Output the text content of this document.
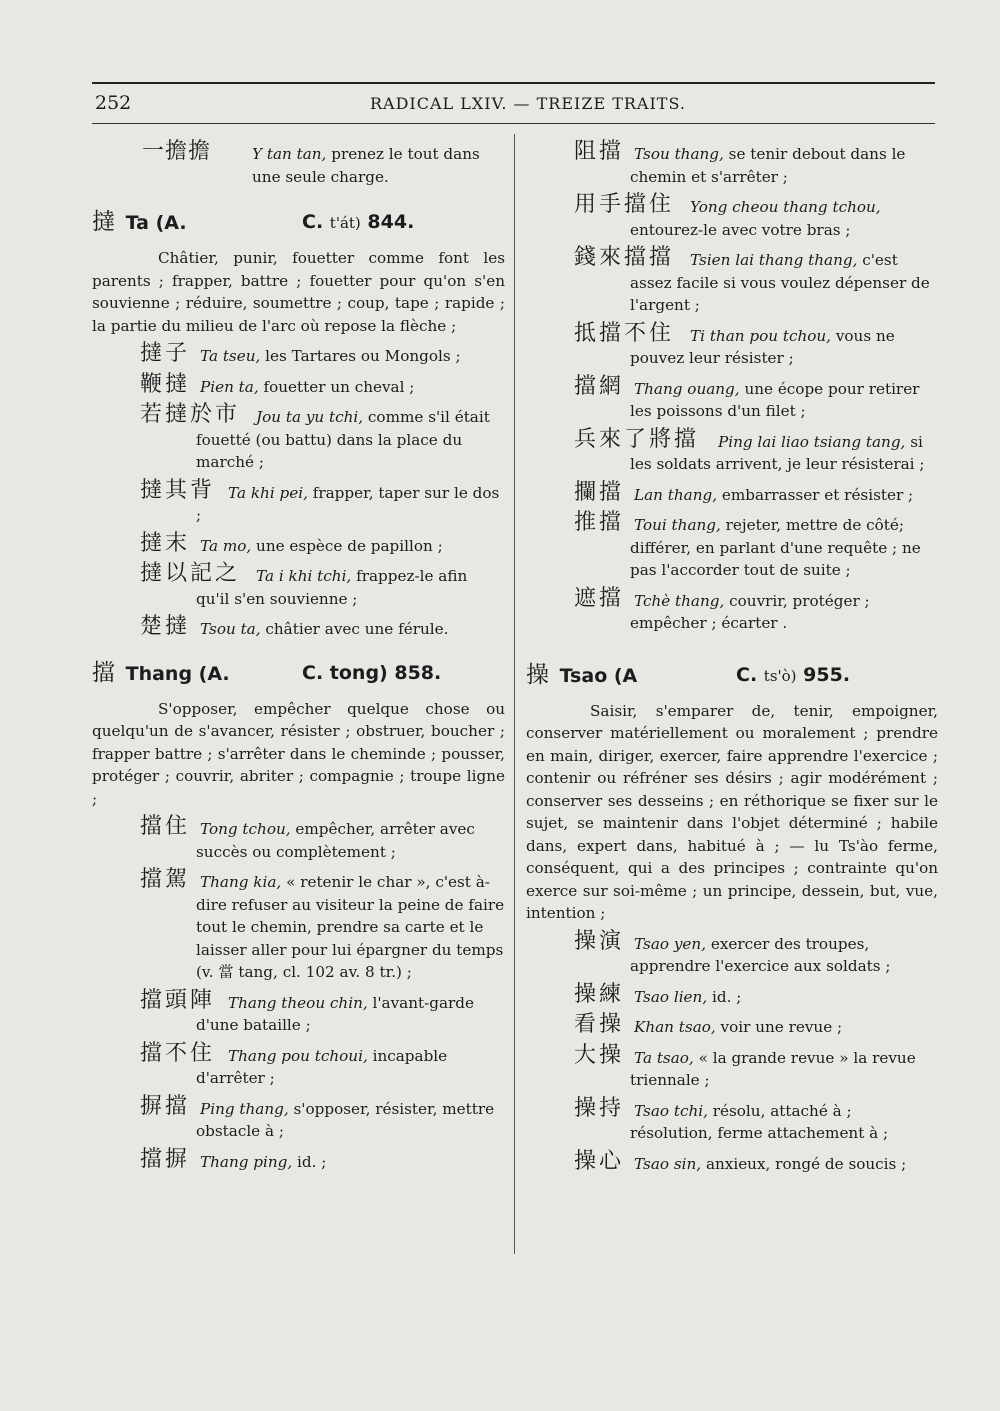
252	RADICAL LXIV. — TREIZE TRAITS.
一擔擔	Y tan tan, prenez le tout dans une seule charge.
撻 Ta (A.	C. t'át) 844.

Châtier, punir, fouetter comme font les parents ; frapper, battre ; fouetter pour qu'on s'en souvienne ; réduire, soumettre ; coup, tape ; rapide ; la partie du milieu de l'arc où repose la flèche ;

撻子 Ta tseu, les Tartares ou Mongols ;
鞭撻 Pien ta, fouetter un cheval ;
若撻於市	Jou ta yu tchi, comme s'il était fouetté (ou battu) dans la place du marché ;
撻其背 Ta khi pei, frapper, taper sur le dos ;
撻末 Ta mo, une espèce de papillon ;
撻以記之	Ta i khi tchi, frappez-le afin qu'il s'en souvienne ;
楚撻 Tsou ta, châtier avec une férule.
擋 Thang (A.	C. tong) 858.

S'opposer, empêcher quelque chose ou quelqu'un de s'avancer, résister ; obstruer, boucher ; frapper battre ; s'arrêter dans le cheminde ; pousser, protéger ; couvrir, abriter ; compagnie ; troupe ligne ;

擋住 Tong tchou, empêcher, arrêter avec succès ou complètement ;
擋駕 Thang kia, « retenir le char », c'est à-dire refuser au visiteur la peine de faire tout le chemin, prendre sa carte et le laisser aller pour lui épargner du temps (v. 當 tang, cl. 102 av. 8 tr.) ;
擋頭陣 Thang theou chin, l'avant-garde d'une bataille ;
擋不住 Thang pou tchoui, incapable d'arrêter ;
摒擋 Ping thang, s'opposer, résister, mettre obstacle à ;
擋摒 Thang ping, id. ;
阻擋 Tsou thang, se tenir debout dans le chemin et s'arrêter ;
用手擋住	Yong cheou thang tchou, entourez-le avec votre bras ;
錢來擋擋	Tsien lai thang thang, c'est assez facile si vous voulez dépenser de l'argent ;
抵擋不住	Ti than pou tchou, vous ne pouvez leur résister ;
擋網 Thang ouang, une écope pour retirer les poissons d'un filet ;
兵來了將擋	Ping lai liao tsiang tang, si les soldats arrivent, je leur résisterai ;
攔擋 Lan thang, embarrasser et résister ;
推擋 Toui thang, rejeter, mettre de côté; différer, en parlant d'une requête ; ne pas l'accorder tout de suite ;
遮擋 Tchè thang, couvrir, protéger ; empêcher ; écarter .
操 Tsao (A	C. ts'ò) 955.

Saisir, s'emparer de, tenir, empoigner, conserver matériellement ou moralement ; prendre en main, diriger, exercer, faire apprendre l'exercice ; contenir ou réfréner ses désirs ; agir modérément ; conserver ses desseins ; en réthorique se fixer sur le sujet, se maintenir dans l'objet déterminé ; habile dans, expert dans, habitué à ; — lu Ts'ào ferme, conséquent, qui a des principes ; contrainte qu'on exerce sur soi-même ; un principe, dessein, but, vue, intention ;

操演 Tsao yen, exercer des troupes, apprendre l'exercice aux soldats ;
操練 Tsao lien, id. ;
看操 Khan tsao, voir une revue ;
大操 Ta tsao, « la grande revue » la revue triennale ;
操持 Tsao tchi, résolu, attaché à ; résolution, ferme attachement à ;
操心 Tsao sin, anxieux, rongé de soucis ;
